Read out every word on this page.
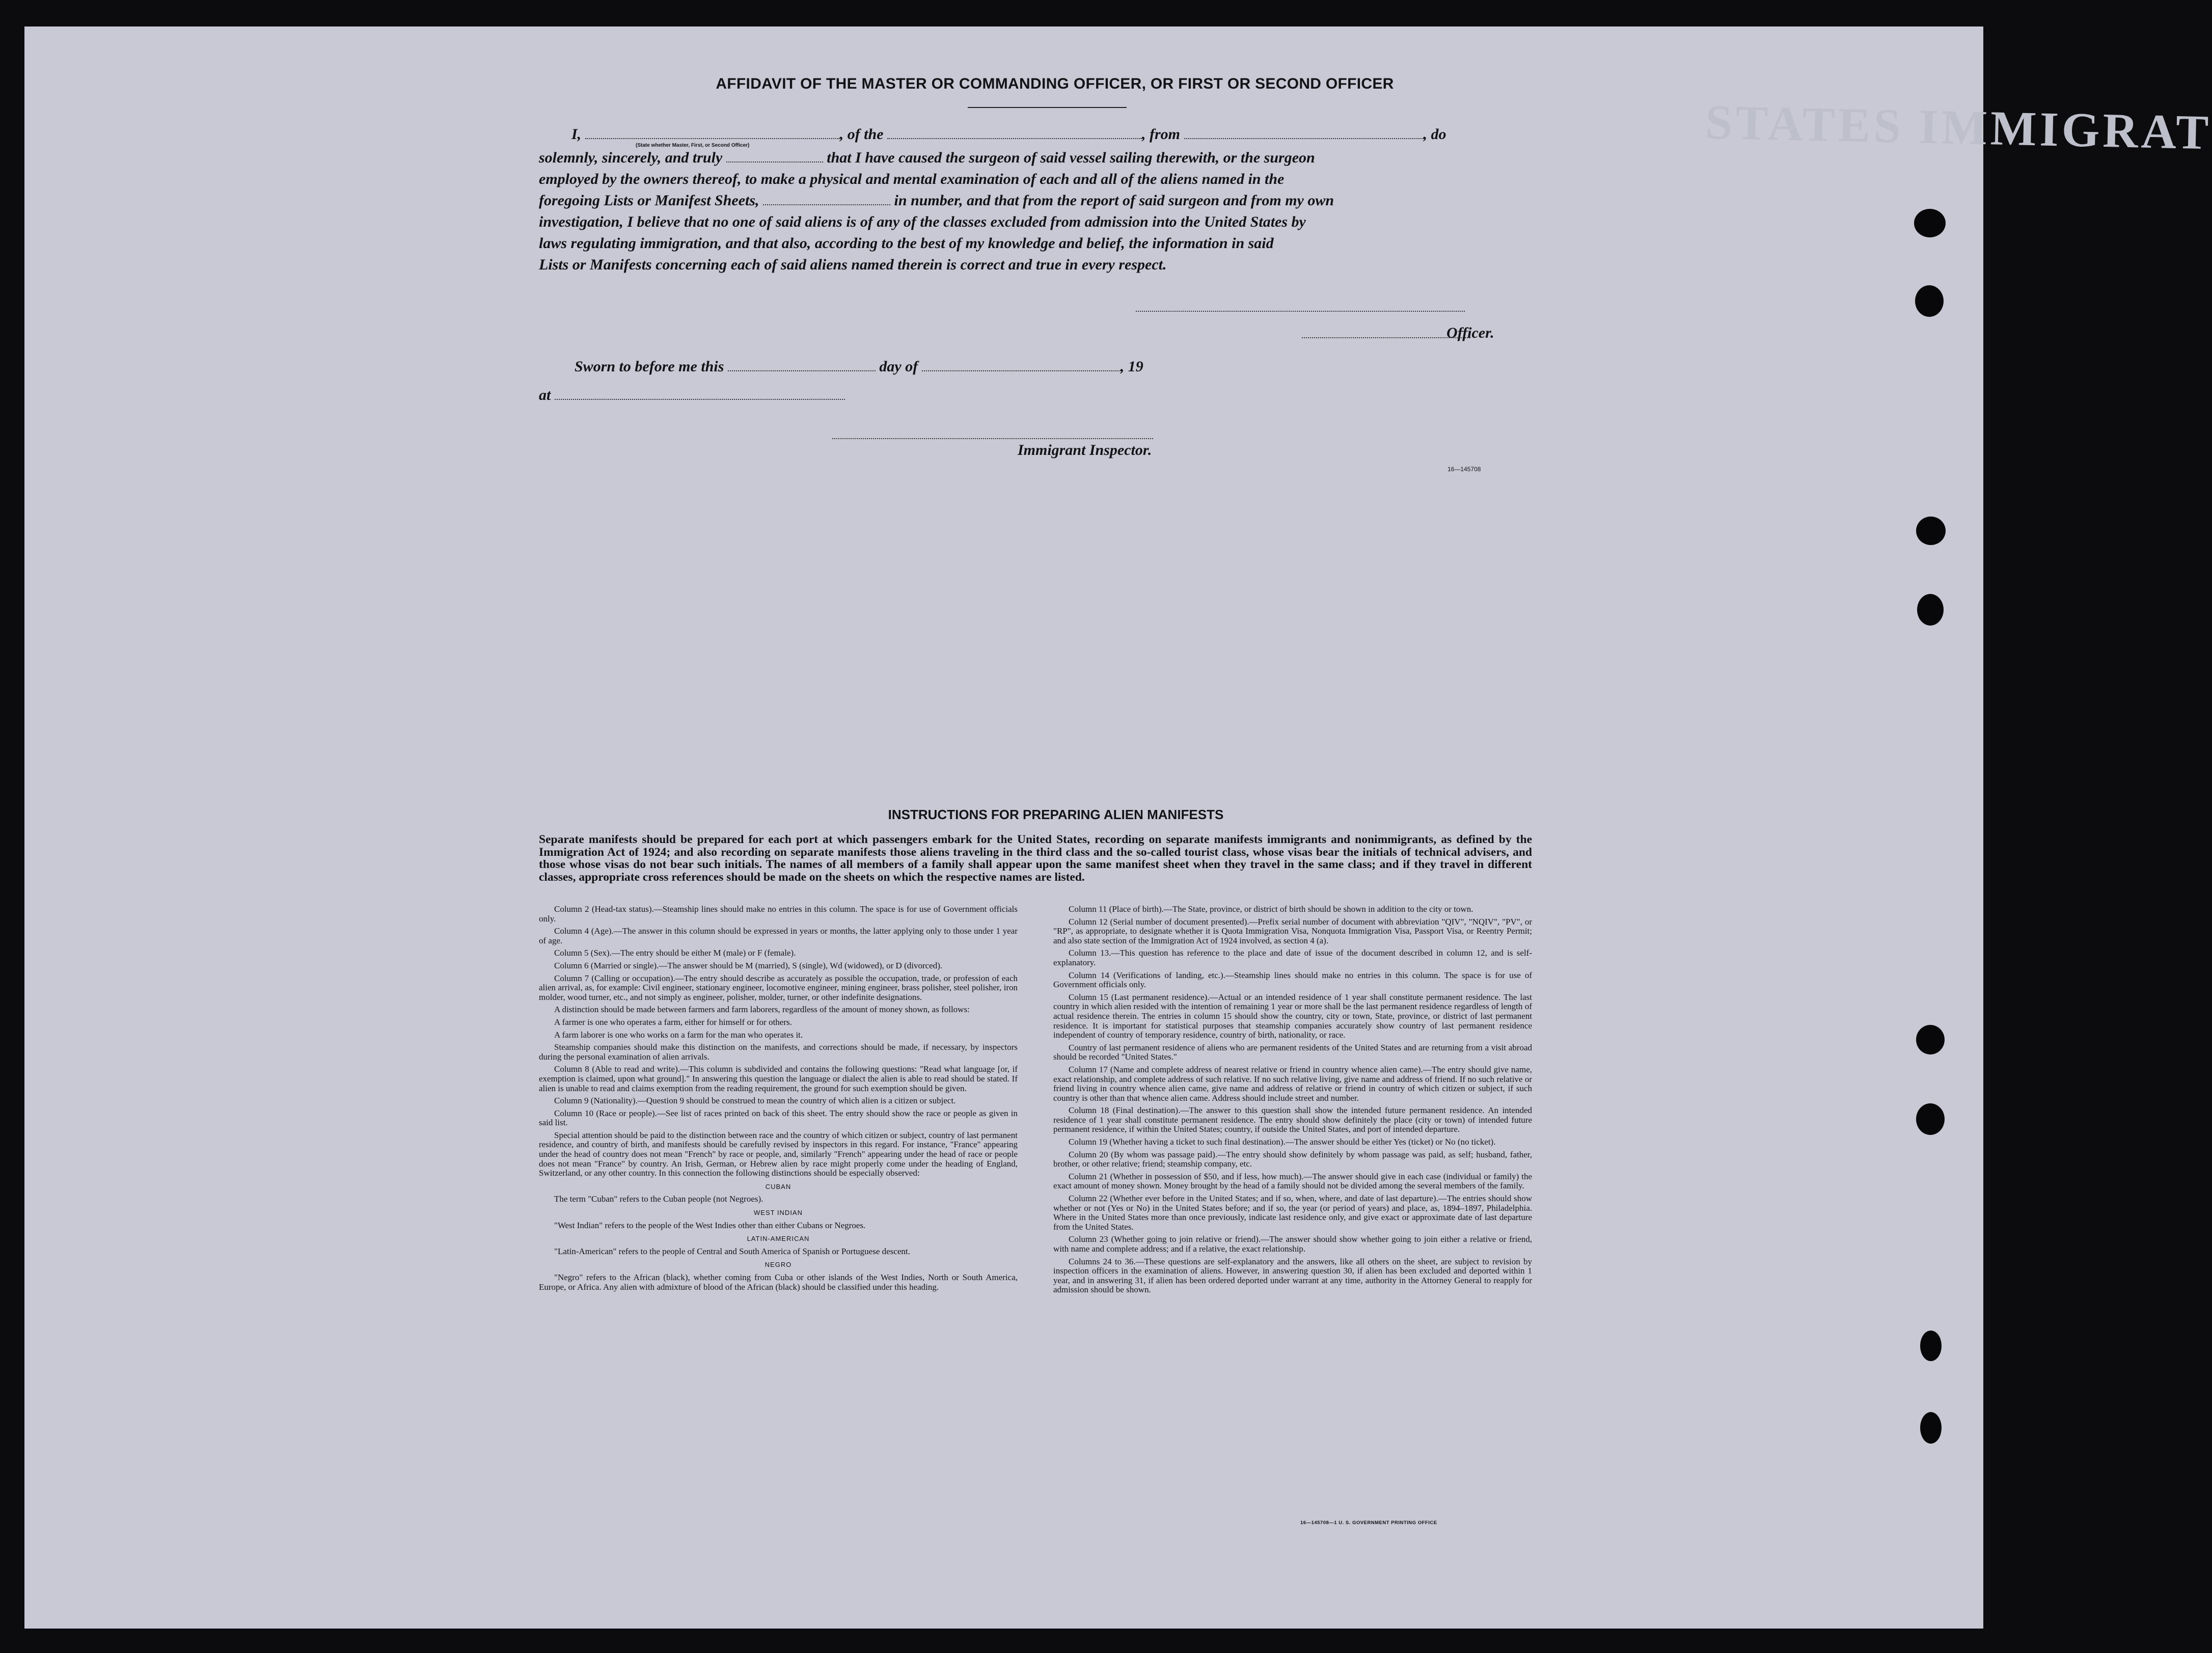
STATES IMMIGRAT
AFFIDAVIT OF THE MASTER OR COMMANDING OFFICER, OR FIRST OR SECOND OFFICER
I,	, of the	, from	, do
(State whether Master, First, or Second Officer)
solemnly, sincerely, and truly	that I have caused the surgeon of said vessel sailing therewith, or the surgeon
employed by the owners thereof, to make a physical and mental examination of each and all of the aliens named in the
foregoing Lists or Manifest Sheets,	in number, and that from the report of said surgeon and from my own
investigation, I believe that no one of said aliens is of any of the classes excluded from admission into the United States by
laws regulating immigration, and that also, according to the best of my knowledge and belief, the information in said
Lists or Manifests concerning each of said aliens named therein is correct and true in every respect.
Officer.
Sworn to before me this	day of	, 19
at
Immigrant Inspector.
16—145708
INSTRUCTIONS FOR PREPARING ALIEN MANIFESTS
Separate manifests should be prepared for each port at which passengers embark for the United States, recording on separate manifests immigrants and nonimmigrants, as defined by the Immigration Act of 1924; and also recording on separate manifests those aliens traveling in the third class and the so-called tourist class, whose visas bear the initials of technical advisers, and those whose visas do not bear such initials. The names of all members of a family shall appear upon the same manifest sheet when they travel in the same class; and if they travel in different classes, appropriate cross references should be made on the sheets on which the respective names are listed.

Column 2 (Head-tax status).—Steamship lines should make no entries in this column. The space is for use of Government officials only.

Column 4 (Age).—The answer in this column should be expressed in years or months, the latter applying only to those under 1 year of age.

Column 5 (Sex).—The entry should be either M (male) or F (female).

Column 6 (Married or single).—The answer should be M (married), S (single), Wd (widowed), or D (divorced).

Column 7 (Calling or occupation).—The entry should describe as accurately as possible the occupation, trade, or profession of each alien arrival, as, for example: Civil engineer, stationary engineer, locomotive engineer, mining engineer, brass polisher, steel polisher, iron molder, wood turner, etc., and not simply as engineer, polisher, molder, turner, or other indefinite designations.

A distinction should be made between farmers and farm laborers, regardless of the amount of money shown, as follows:

A farmer is one who operates a farm, either for himself or for others.

A farm laborer is one who works on a farm for the man who operates it.

Steamship companies should make this distinction on the manifests, and corrections should be made, if necessary, by inspectors during the personal examination of alien arrivals.

Column 8 (Able to read and write).—This column is subdivided and contains the following questions: "Read what language [or, if exemption is claimed, upon what ground]." In answering this question the language or dialect the alien is able to read should be stated. If alien is unable to read and claims exemption from the reading requirement, the ground for such exemption should be given.

Column 9 (Nationality).—Question 9 should be construed to mean the country of which alien is a citizen or subject.

Column 10 (Race or people).—See list of races printed on back of this sheet. The entry should show the race or people as given in said list.

Special attention should be paid to the distinction between race and the country of which citizen or subject, country of last permanent residence, and country of birth, and manifests should be carefully revised by inspectors in this regard. For instance, "France" appearing under the head of country does not mean "French" by race or people, and, similarly "French" appearing under the head of race or people does not mean "France" by country. An Irish, German, or Hebrew alien by race might properly come under the heading of England, Switzerland, or any other country. In this connection the following distinctions should be especially observed:

CUBAN

The term "Cuban" refers to the Cuban people (not Negroes).

WEST INDIAN

"West Indian" refers to the people of the West Indies other than either Cubans or Negroes.

LATIN-AMERICAN

"Latin-American" refers to the people of Central and South America of Spanish or Portuguese descent.

NEGRO

"Negro" refers to the African (black), whether coming from Cuba or other islands of the West Indies, North or South America, Europe, or Africa. Any alien with admixture of blood of the African (black) should be classified under this heading.

Column 11 (Place of birth).—The State, province, or district of birth should be shown in addition to the city or town.

Column 12 (Serial number of document presented).—Prefix serial number of document with abbreviation "QIV", "NQIV", "PV", or "RP", as appropriate, to designate whether it is Quota Immigration Visa, Nonquota Immigration Visa, Passport Visa, or Reentry Permit; and also state section of the Immigration Act of 1924 involved, as section 4 (a).

Column 13.—This question has reference to the place and date of issue of the document described in column 12, and is self-explanatory.

Column 14 (Verifications of landing, etc.).—Steamship lines should make no entries in this column. The space is for use of Government officials only.

Column 15 (Last permanent residence).—Actual or an intended residence of 1 year shall constitute permanent residence. The last country in which alien resided with the intention of remaining 1 year or more shall be the last permanent residence regardless of length of actual residence therein. The entries in column 15 should show the country, city or town, State, province, or district of last permanent residence. It is important for statistical purposes that steamship companies accurately show country of last permanent residence independent of country of temporary residence, country of birth, nationality, or race.

Country of last permanent residence of aliens who are permanent residents of the United States and are returning from a visit abroad should be recorded "United States."

Column 17 (Name and complete address of nearest relative or friend in country whence alien came).—The entry should give name, exact relationship, and complete address of such relative. If no such relative living, give name and address of friend. If no such relative or friend living in country whence alien came, give name and address of relative or friend in country of which citizen or subject, if such country is other than that whence alien came. Address should include street and number.

Column 18 (Final destination).—The answer to this question shall show the intended future permanent residence. An intended residence of 1 year shall constitute permanent residence. The entry should show definitely the place (city or town) of intended future permanent residence, if within the United States; country, if outside the United States, and port of intended departure.

Column 19 (Whether having a ticket to such final destination).—The answer should be either Yes (ticket) or No (no ticket).

Column 20 (By whom was passage paid).—The entry should show definitely by whom passage was paid, as self; husband, father, brother, or other relative; friend; steamship company, etc.

Column 21 (Whether in possession of $50, and if less, how much).—The answer should give in each case (individual or family) the exact amount of money shown. Money brought by the head of a family should not be divided among the several members of the family.

Column 22 (Whether ever before in the United States; and if so, when, where, and date of last departure).—The entries should show whether or not (Yes or No) in the United States before; and if so, the year (or period of years) and place, as, 1894–1897, Philadelphia. Where in the United States more than once previously, indicate last residence only, and give exact or approximate date of last departure from the United States.

Column 23 (Whether going to join relative or friend).—The answer should show whether going to join either a relative or friend, with name and complete address; and if a relative, the exact relationship.

Columns 24 to 36.—These questions are self-explanatory and the answers, like all others on the sheet, are subject to revision by inspection officers in the examination of aliens. However, in answering question 30, if alien has been excluded and deported within 1 year, and in answering 31, if alien has been ordered deported under warrant at any time, authority in the Attorney General to reapply for admission should be shown.

16—145708—1 U. S. GOVERNMENT PRINTING OFFICE
